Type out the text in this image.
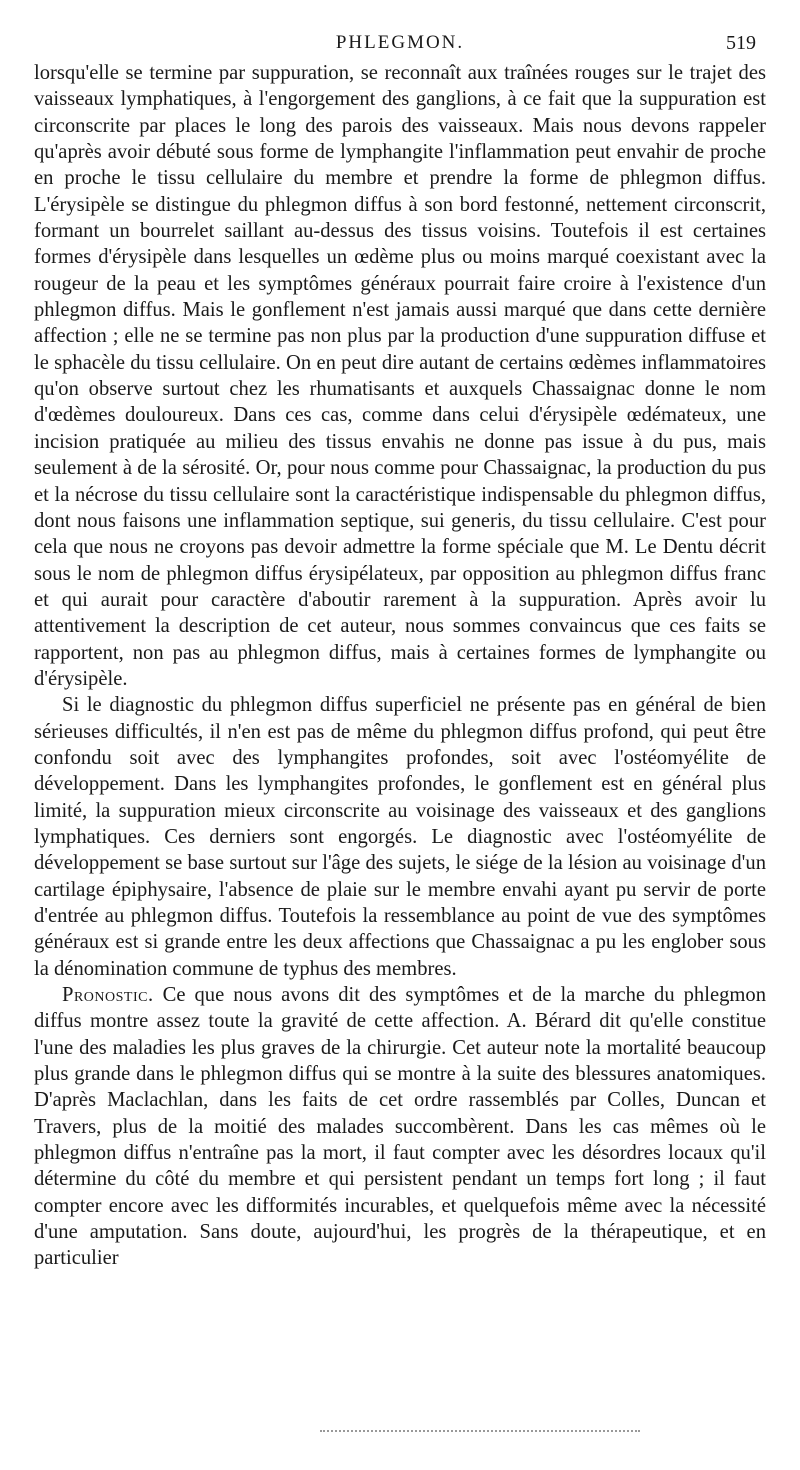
PHLEGMON.	519

lorsqu'elle se termine par suppuration, se reconnaît aux traînées rouges sur le trajet des vaisseaux lymphatiques, à l'engorgement des ganglions, à ce fait que la suppuration est circonscrite par places le long des parois des vaisseaux. Mais nous devons rappeler qu'après avoir débuté sous forme de lymphangite l'inflammation peut envahir de proche en proche le tissu cellulaire du membre et prendre la forme de phlegmon diffus. L'érysipèle se distingue du phlegmon diffus à son bord festonné, nettement circonscrit, formant un bourrelet saillant au-dessus des tissus voisins. Toutefois il est certaines formes d'érysipèle dans lesquelles un œdème plus ou moins marqué coexistant avec la rougeur de la peau et les symptômes généraux pourrait faire croire à l'existence d'un phlegmon diffus. Mais le gonflement n'est jamais aussi marqué que dans cette dernière affection ; elle ne se termine pas non plus par la production d'une suppuration diffuse et le sphacèle du tissu cellulaire. On en peut dire autant de certains œdèmes inflammatoires qu'on observe surtout chez les rhumatisants et auxquels Chassaignac donne le nom d'œdèmes douloureux. Dans ces cas, comme dans celui d'érysipèle œdémateux, une incision pratiquée au milieu des tissus envahis ne donne pas issue à du pus, mais seulement à de la sérosité. Or, pour nous comme pour Chassaignac, la production du pus et la nécrose du tissu cellulaire sont la caractéristique indispensable du phlegmon diffus, dont nous faisons une inflammation septique, sui generis, du tissu cellulaire. C'est pour cela que nous ne croyons pas devoir admettre la forme spéciale que M. Le Dentu décrit sous le nom de phlegmon diffus érysipélateux, par opposition au phlegmon diffus franc et qui aurait pour caractère d'aboutir rarement à la suppuration. Après avoir lu attentivement la description de cet auteur, nous sommes convaincus que ces faits se rapportent, non pas au phlegmon diffus, mais à certaines formes de lymphangite ou d'érysipèle.

Si le diagnostic du phlegmon diffus superficiel ne présente pas en général de bien sérieuses difficultés, il n'en est pas de même du phlegmon diffus profond, qui peut être confondu soit avec des lymphangites profondes, soit avec l'ostéomyélite de développement. Dans les lymphangites profondes, le gonflement est en général plus limité, la suppuration mieux circonscrite au voisinage des vaisseaux et des ganglions lymphatiques. Ces derniers sont engorgés. Le diagnostic avec l'ostéomyélite de développement se base surtout sur l'âge des sujets, le siége de la lésion au voisinage d'un cartilage épiphysaire, l'absence de plaie sur le membre envahi ayant pu servir de porte d'entrée au phlegmon diffus. Toutefois la ressemblance au point de vue des symptômes généraux est si grande entre les deux affections que Chassaignac a pu les englober sous la dénomination commune de typhus des membres.

Pronostic. Ce que nous avons dit des symptômes et de la marche du phlegmon diffus montre assez toute la gravité de cette affection. A. Bérard dit qu'elle constitue l'une des maladies les plus graves de la chirurgie. Cet auteur note la mortalité beaucoup plus grande dans le phlegmon diffus qui se montre à la suite des blessures anatomiques. D'après Maclachlan, dans les faits de cet ordre rassemblés par Colles, Duncan et Travers, plus de la moitié des malades succombèrent. Dans les cas mêmes où le phlegmon diffus n'entraîne pas la mort, il faut compter avec les désordres locaux qu'il détermine du côté du membre et qui persistent pendant un temps fort long ; il faut compter encore avec les difformités incurables, et quelquefois même avec la nécessité d'une amputation. Sans doute, aujourd'hui, les progrès de la thérapeutique, et en particulier
